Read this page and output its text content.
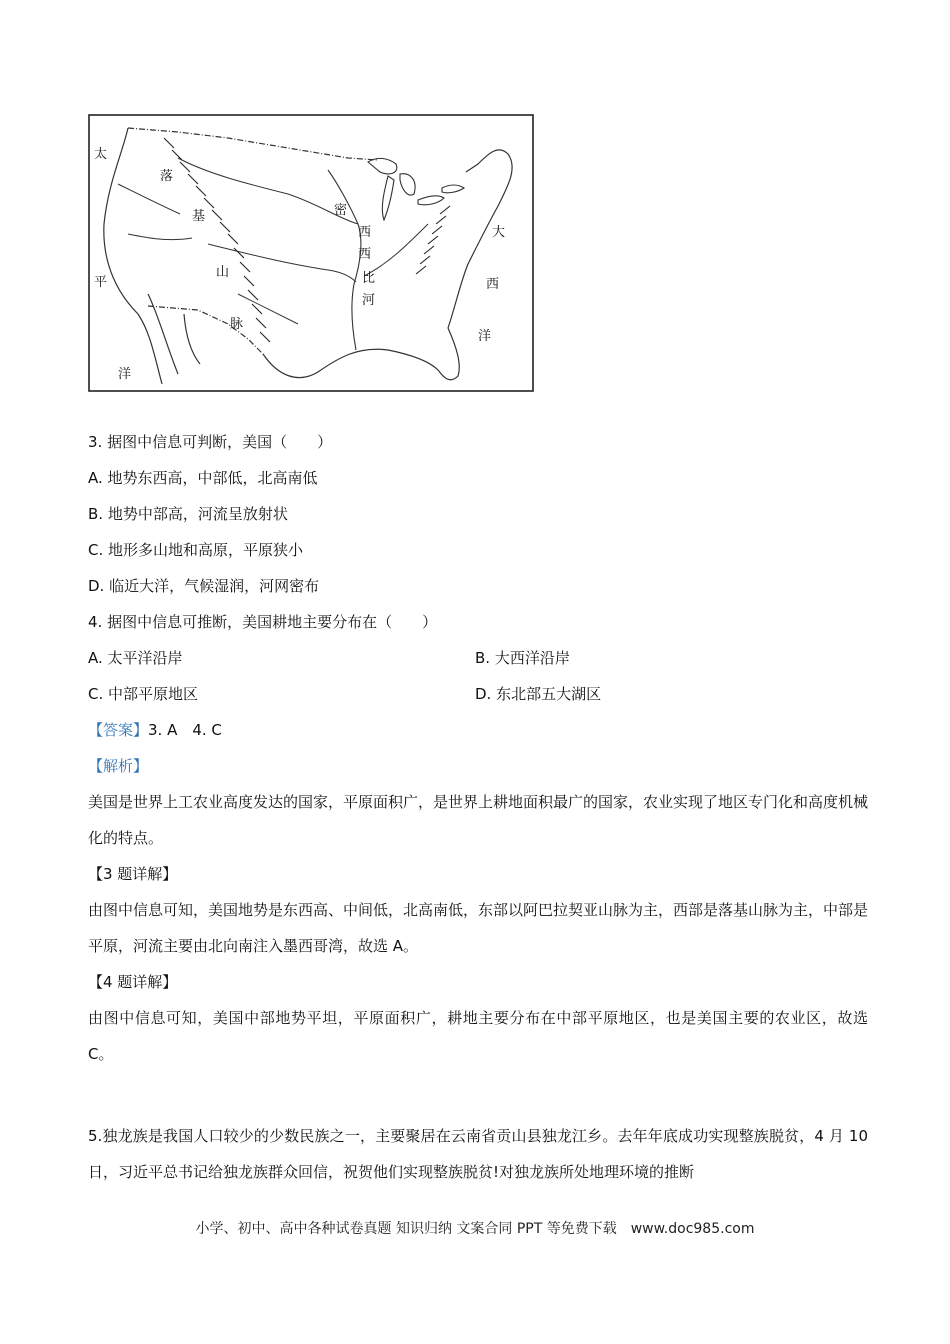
太
平
洋
落
基
山
脉
密
西
西
比
河
大
西
洋
3. 据图中信息可判断，美国（　　）
A. 地势东西高，中部低，北高南低
B. 地势中部高，河流呈放射状
C. 地形多山地和高原，平原狭小
D. 临近大洋，气候湿润，河网密布
4. 据图中信息可推断，美国耕地主要分布在（　　）
A. 太平洋沿岸	B. 大西洋沿岸
C. 中部平原地区	D. 东北部五大湖区
【答案】3. A　4. C
【解析】
美国是世界上工农业高度发达的国家，平原面积广，是世界上耕地面积最广的国家，农业实现了地区专门化和高度机械化的特点。
【3 题详解】
由图中信息可知，美国地势是东西高、中间低，北高南低，东部以阿巴拉契亚山脉为主，西部是落基山脉为主，中部是平原，河流主要由北向南注入墨西哥湾，故选 A。
【4 题详解】
由图中信息可知，美国中部地势平坦，平原面积广，耕地主要分布在中部平原地区，也是美国主要的农业区，故选 C。
5.独龙族是我国人口较少的少数民族之一，主要聚居在云南省贡山县独龙江乡。去年年底成功实现整族脱贫，4 月 10 日，习近平总书记给独龙族群众回信，祝贺他们实现整族脱贫!对独龙族所处地理环境的推断
小学、初中、高中各种试卷真题 知识归纳 文案合同 PPT 等免费下载　www.doc985.com
